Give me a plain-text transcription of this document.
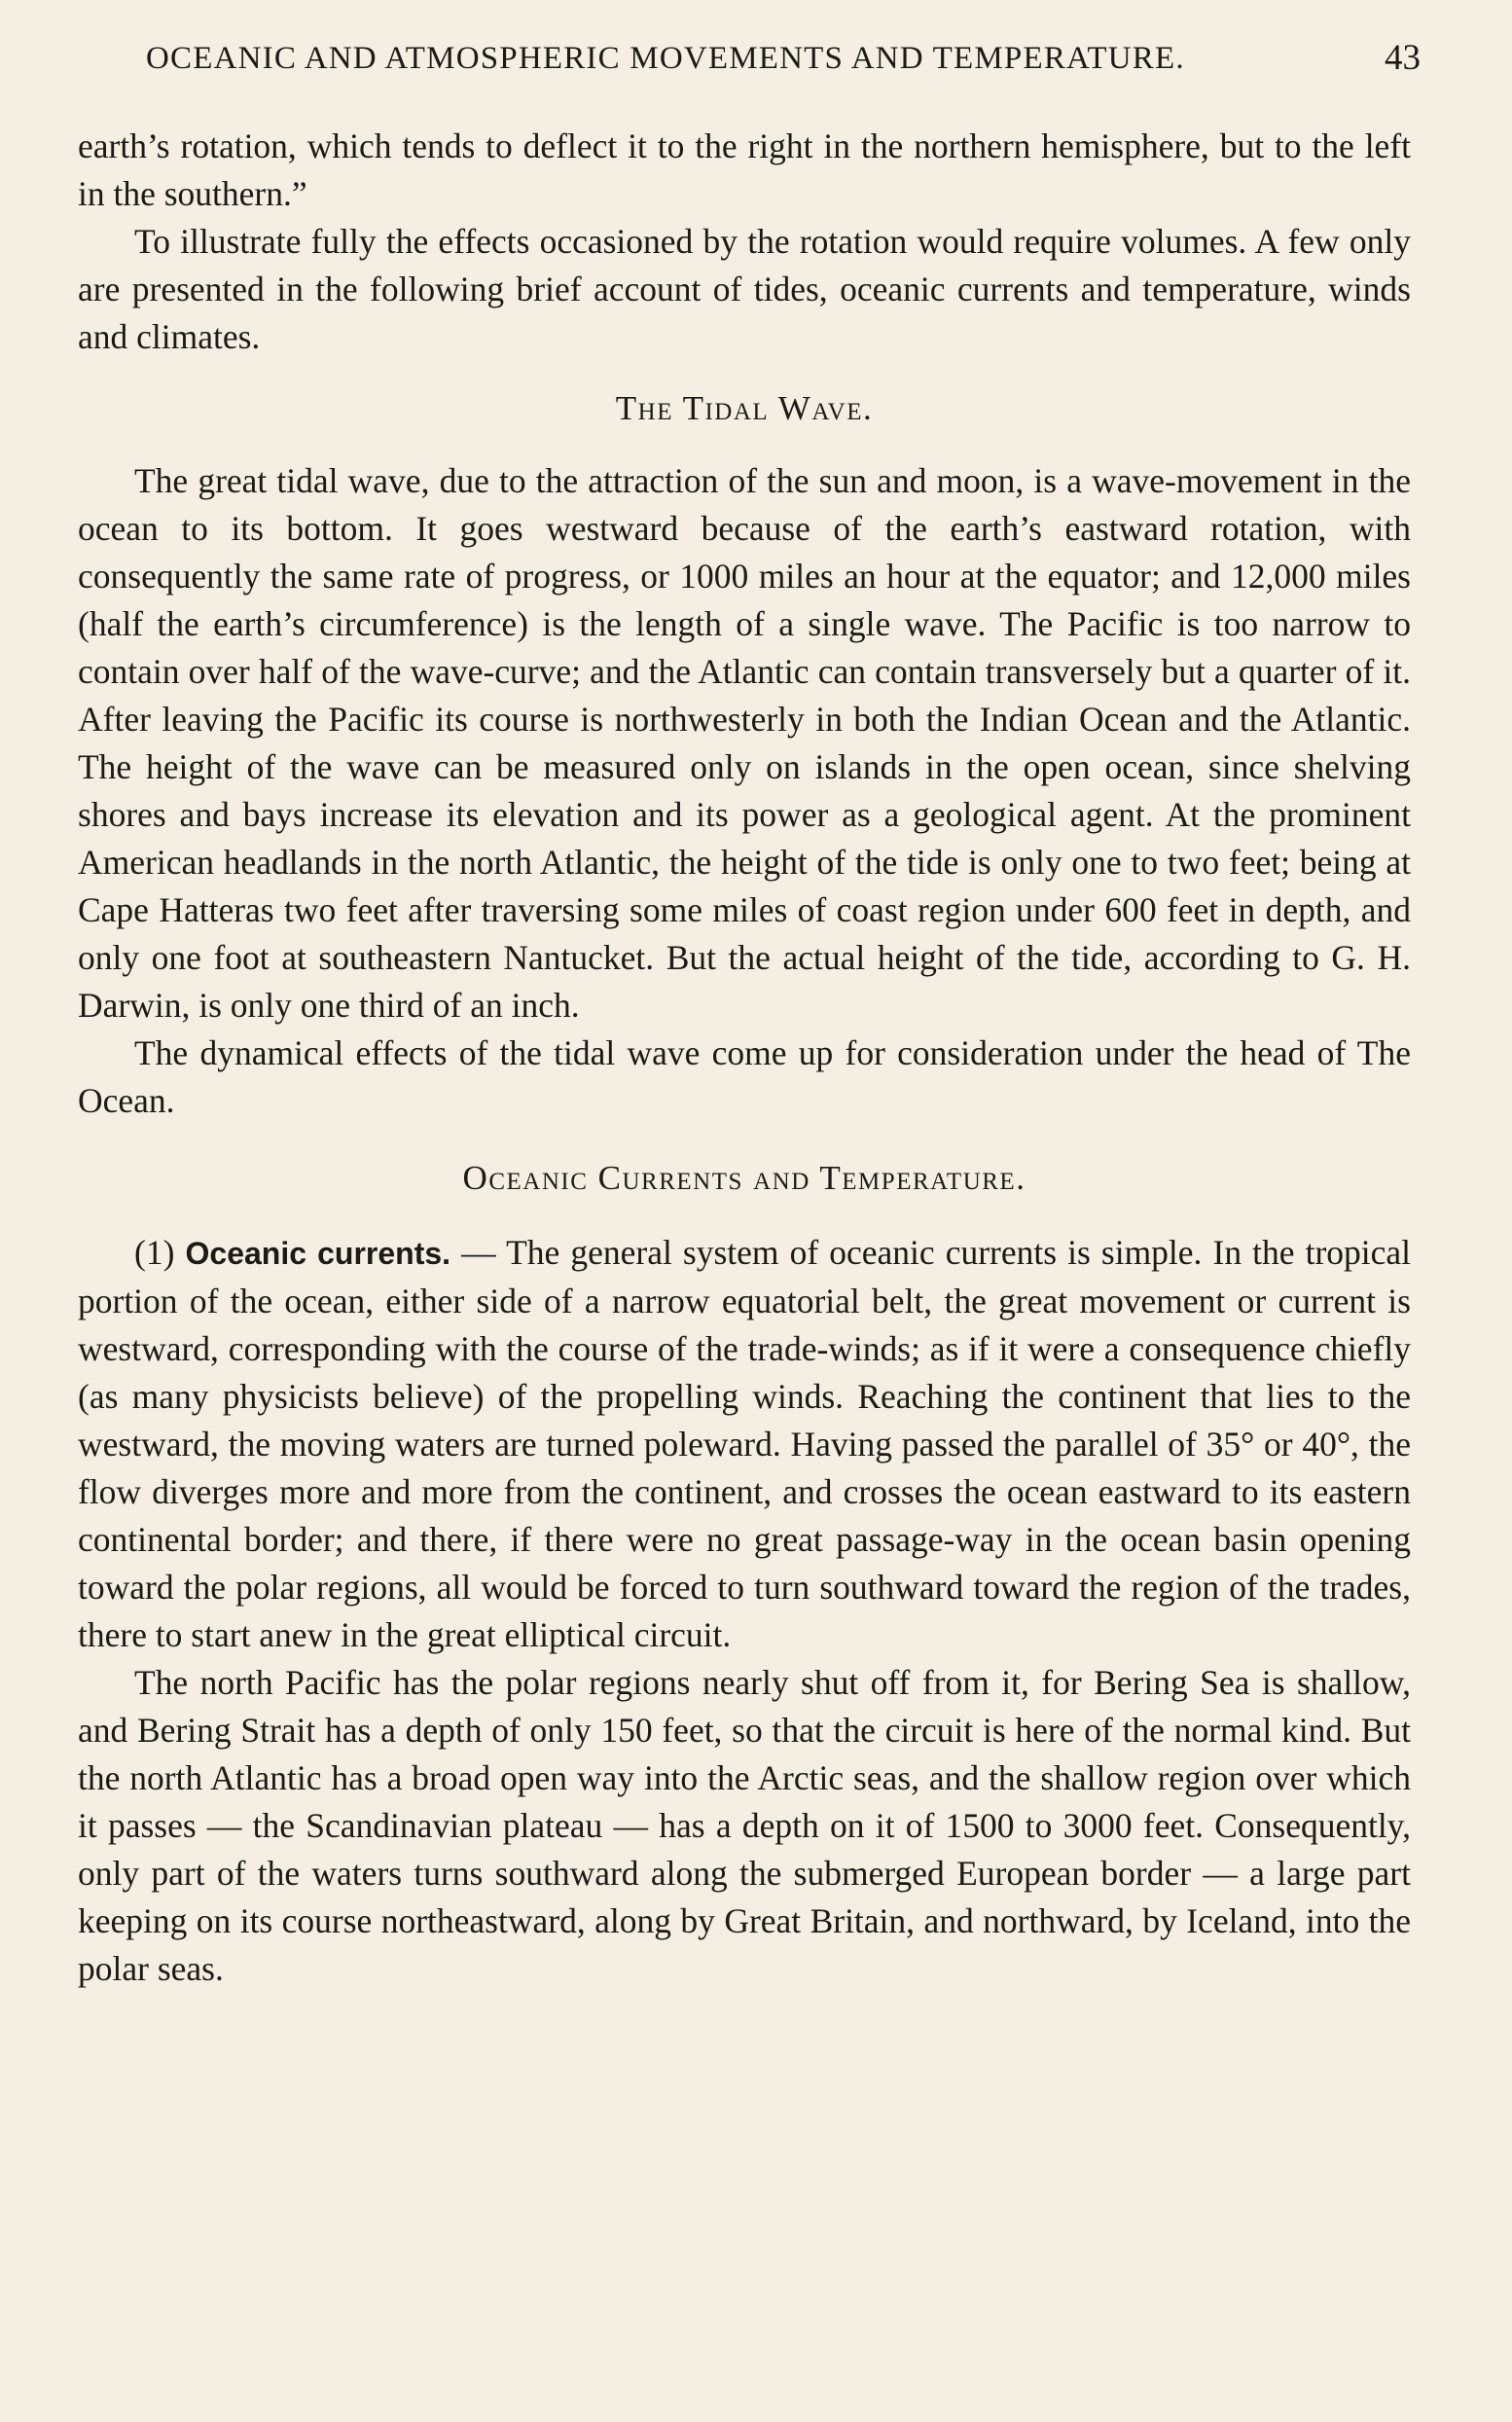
OCEANIC AND ATMOSPHERIC MOVEMENTS AND TEMPERATURE.	43

earth’s rotation, which tends to deflect it to the right in the northern hemisphere, but to the left in the southern.”

To illustrate fully the effects occasioned by the rotation would require volumes. A few only are presented in the following brief account of tides, oceanic currents and temperature, winds and climates.

The Tidal Wave.

The great tidal wave, due to the attraction of the sun and moon, is a wave-movement in the ocean to its bottom. It goes westward because of the earth’s eastward rotation, with consequently the same rate of progress, or 1000 miles an hour at the equator; and 12,000 miles (half the earth’s circumference) is the length of a single wave. The Pacific is too narrow to contain over half of the wave-curve; and the Atlantic can contain transversely but a quarter of it. After leaving the Pacific its course is northwesterly in both the Indian Ocean and the Atlantic. The height of the wave can be measured only on islands in the open ocean, since shelving shores and bays increase its elevation and its power as a geological agent. At the prominent American headlands in the north Atlantic, the height of the tide is only one to two feet; being at Cape Hatteras two feet after traversing some miles of coast region under 600 feet in depth, and only one foot at southeastern Nantucket. But the actual height of the tide, according to G. H. Darwin, is only one third of an inch.

The dynamical effects of the tidal wave come up for consideration under the head of The Ocean.

Oceanic Currents and Temperature.

(1) Oceanic currents. — The general system of oceanic currents is simple. In the tropical portion of the ocean, either side of a narrow equatorial belt, the great movement or current is westward, corresponding with the course of the trade-winds; as if it were a consequence chiefly (as many physicists believe) of the propelling winds. Reaching the continent that lies to the westward, the moving waters are turned poleward. Having passed the parallel of 35° or 40°, the flow diverges more and more from the continent, and crosses the ocean eastward to its eastern continental border; and there, if there were no great passage-way in the ocean basin opening toward the polar regions, all would be forced to turn southward toward the region of the trades, there to start anew in the great elliptical circuit.

The north Pacific has the polar regions nearly shut off from it, for Bering Sea is shallow, and Bering Strait has a depth of only 150 feet, so that the circuit is here of the normal kind. But the north Atlantic has a broad open way into the Arctic seas, and the shallow region over which it passes — the Scandinavian plateau — has a depth on it of 1500 to 3000 feet. Consequently, only part of the waters turns southward along the submerged European border — a large part keeping on its course northeastward, along by Great Britain, and northward, by Iceland, into the polar seas.
